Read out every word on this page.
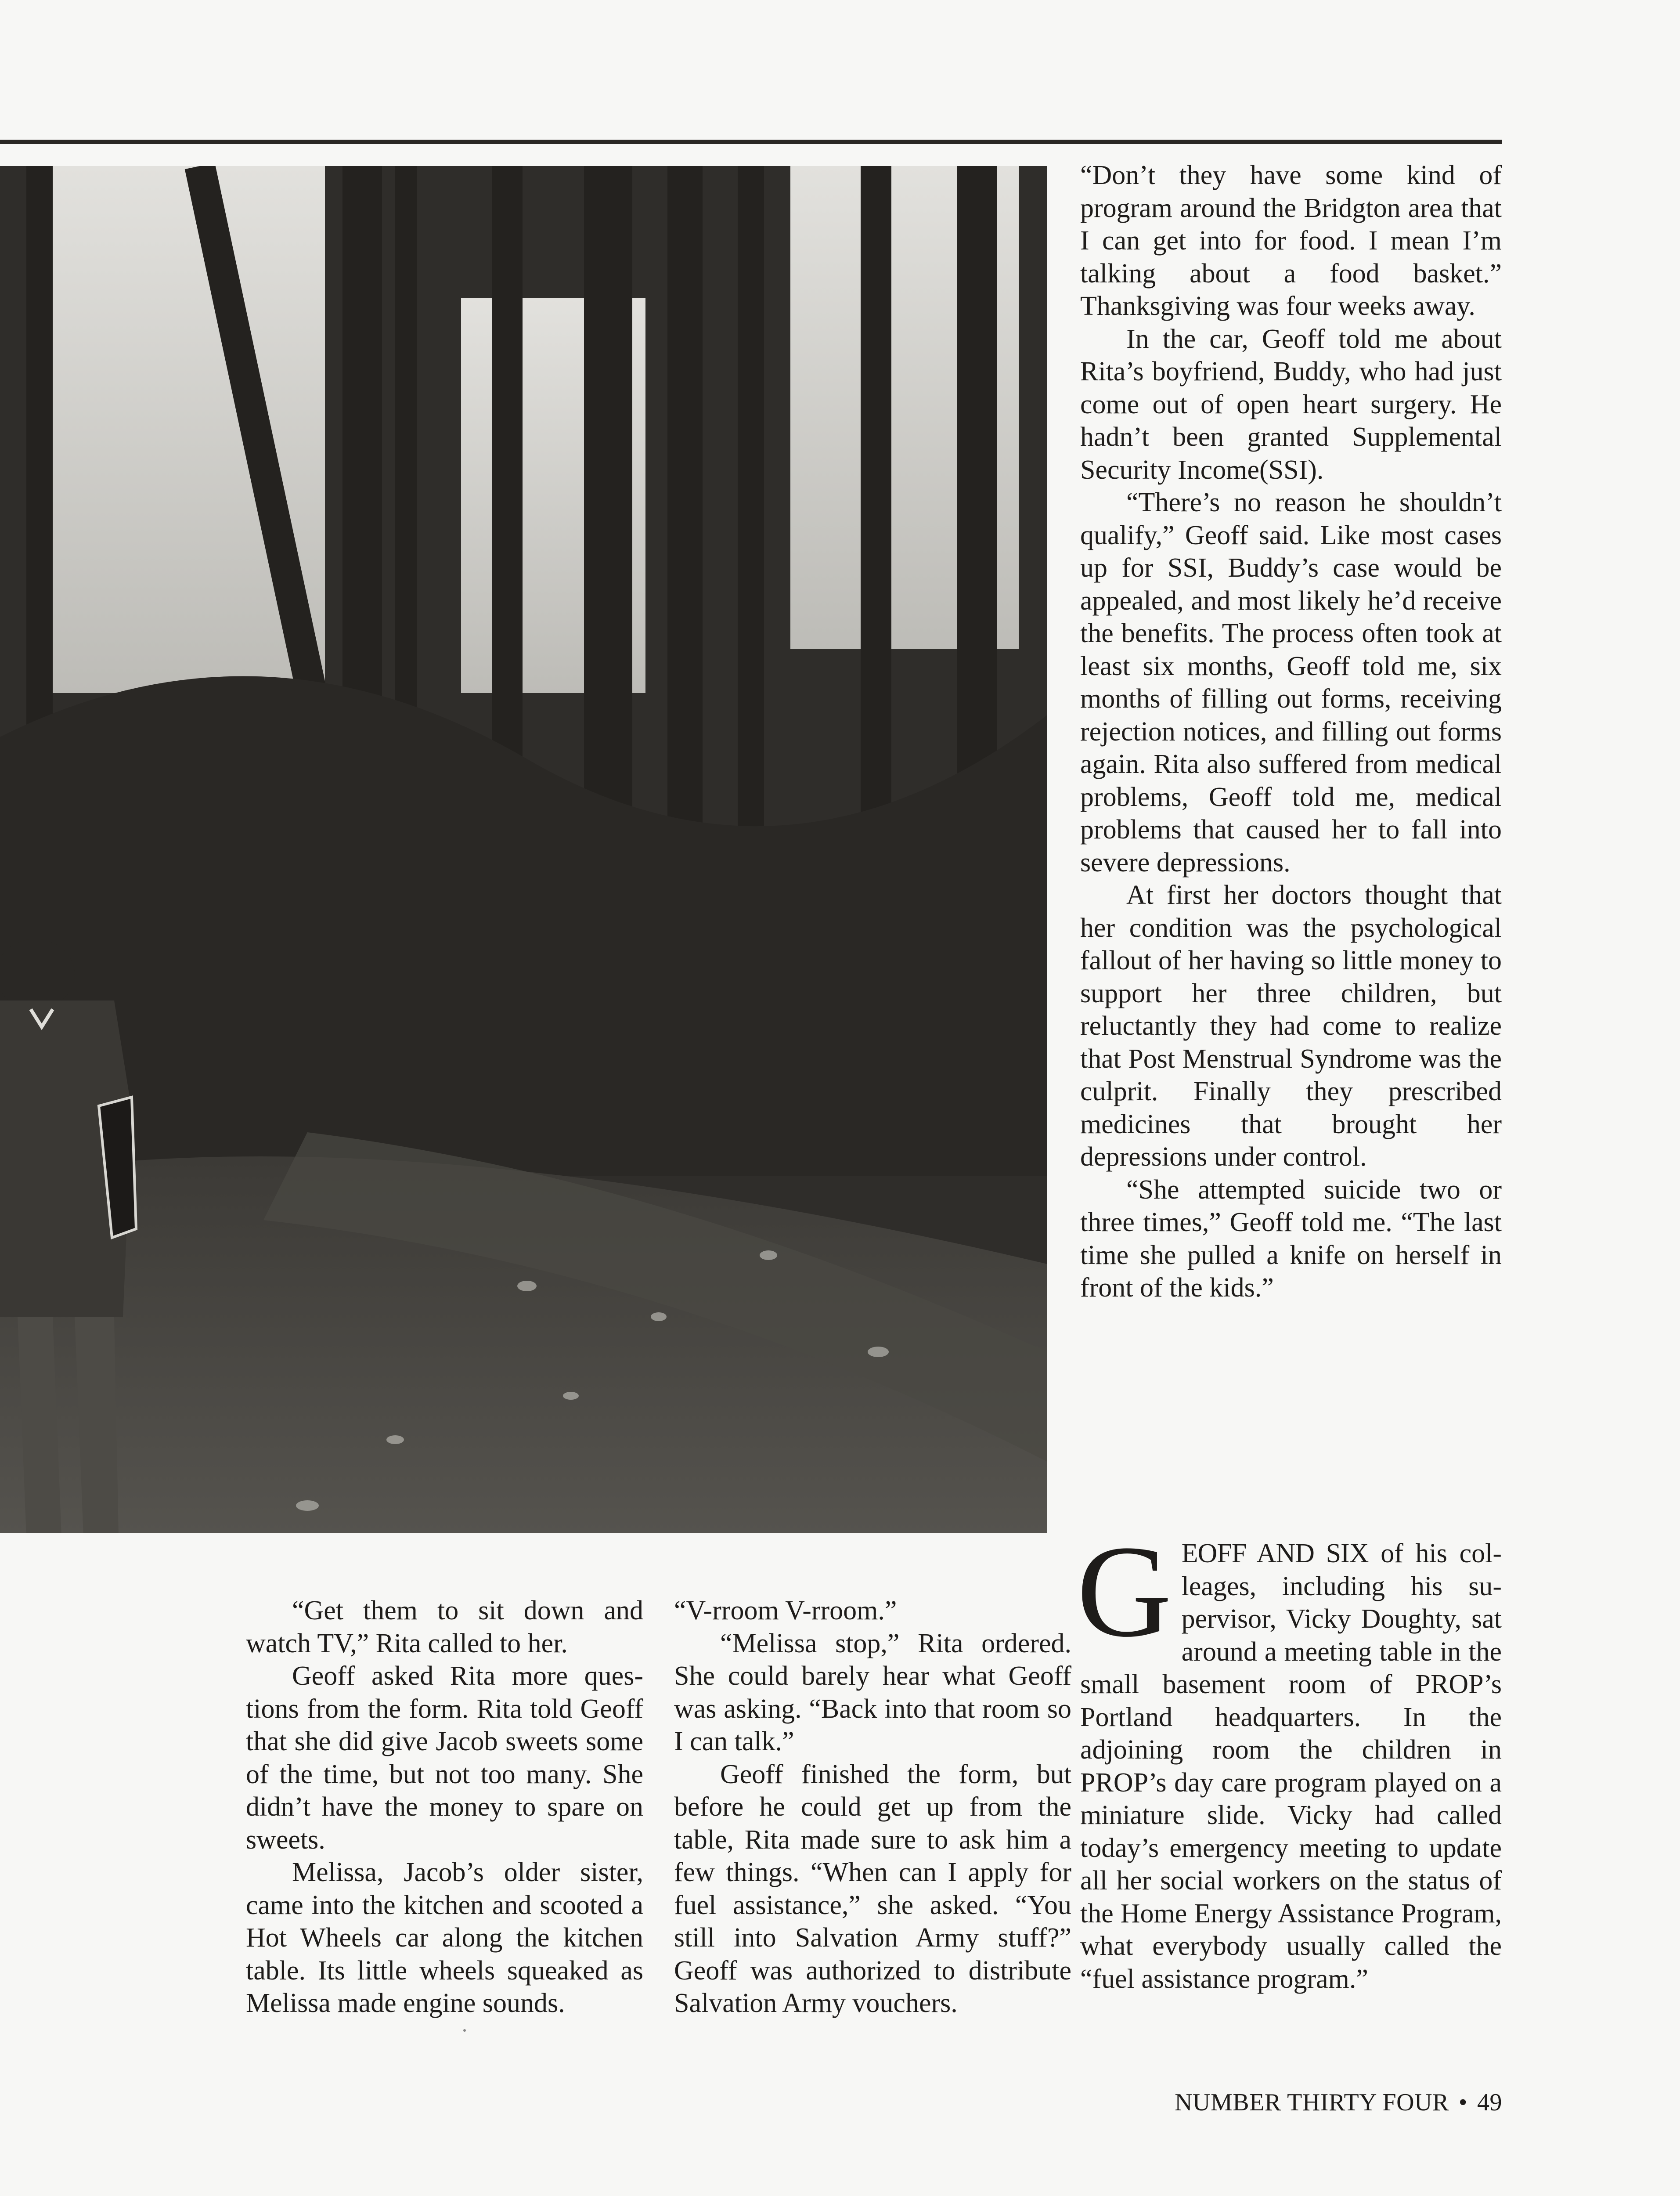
“Don’t they have some kind of program around the Bridgton area that I can get into for food. I mean I’m talking about a food basket.” Thanksgiving was four weeks away.

In the car, Geoff told me about Rita’s boyfriend, Buddy, who had just come out of open heart surgery. He hadn’t been granted Supplemental Security Income(SSI).

“There’s no reason he shouldn’t qualify,” Geoff said. Like most cases up for SSI, Buddy’s case would be appealed, and most likely he’d receive the benefits. The process often took at least six months, Geoff told me, six months of filling out forms, receiving rejection notices, and filling out forms again. Rita also suffered from medical problems, Geoff told me, medical problems that caused her to fall into severe depressions.

At first her doctors thought that her condition was the psychological fallout of her having so little money to support her three children, but reluctantly they had come to realize that Post Menstrual Syndrome was the culprit. Finally they prescribed medicines that brought her depressions under control.

“She attempted suicide two or three times,” Geoff told me. “The last time she pulled a knife on herself in front of the kids.”

“Get them to sit down and watch TV,” Rita called to her.

Geoff asked Rita more questions from the form. Rita told Geoff that she did give Jacob sweets some of the time, but not too many. She didn’t have the money to spare on sweets.

Melissa, Jacob’s older sister, came into the kitchen and scooted a Hot Wheels car along the kitchen table. Its little wheels squeaked as Melissa made engine sounds.

“V-rroom V-rroom.”

“Melissa stop,” Rita ordered. She could barely hear what Geoff was asking. “Back into that room so I can talk.”

Geoff finished the form, but before he could get up from the table, Rita made sure to ask him a few things. “When can I apply for fuel assistance,” she asked. “You still into Salvation Army stuff?” Geoff was authorized to distribute Salvation Army vouchers.

GEOFF AND SIX of his colleages, including his supervisor, Vicky Doughty, sat around a meeting table in the small basement room of PROP’s Portland headquarters. In the adjoining room the children in PROP’s day care program played on a miniature slide. Vicky had called today’s emergency meeting to update all her social workers on the status of the Home Energy Assistance Program, what everybody usually called the “fuel assistance program.”

NUMBER THIRTY FOUR • 49
